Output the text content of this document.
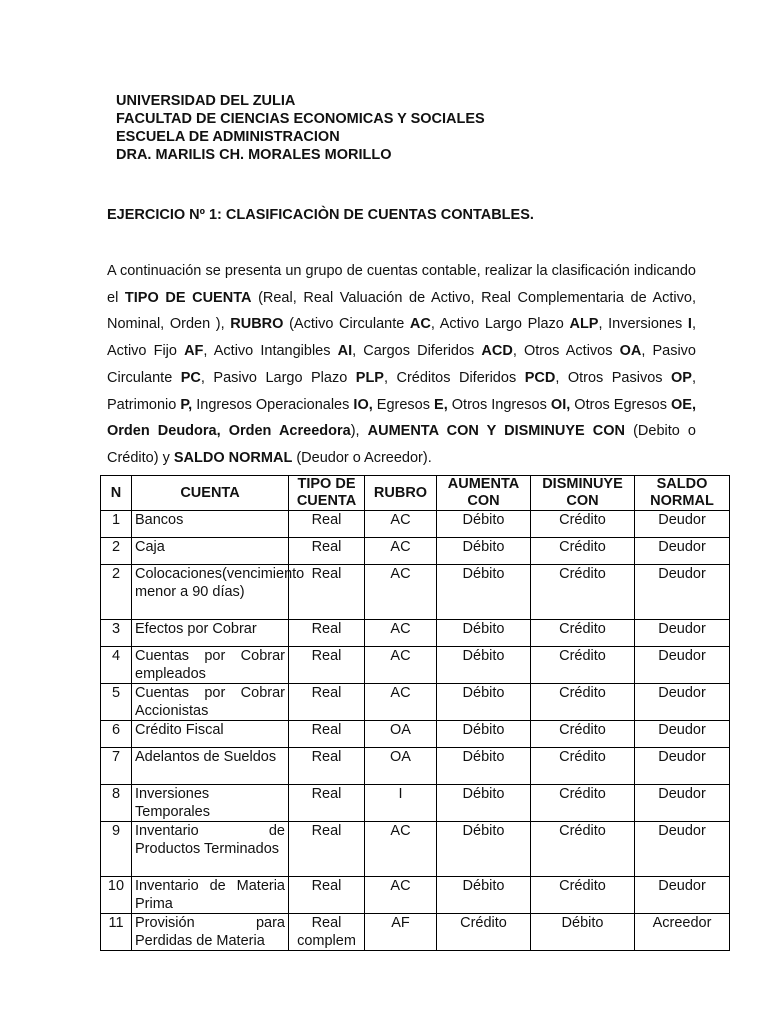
UNIVERSIDAD DEL ZULIA
FACULTAD DE CIENCIAS ECONOMICAS Y SOCIALES
ESCUELA DE ADMINISTRACION
DRA. MARILIS CH. MORALES MORILLO
EJERCICIO Nº 1: CLASIFICACIÒN DE CUENTAS CONTABLES.
A continuación se presenta un grupo de cuentas contable, realizar la clasificación indicando el TIPO DE CUENTA (Real, Real Valuación de Activo, Real Complementaria de Activo, Nominal, Orden ), RUBRO (Activo Circulante AC, Activo Largo Plazo ALP, Inversiones I, Activo Fijo AF, Activo Intangibles AI, Cargos Diferidos ACD, Otros Activos OA, Pasivo Circulante PC, Pasivo Largo Plazo PLP, Créditos Diferidos PCD, Otros Pasivos OP, Patrimonio P, Ingresos Operacionales IO, Egresos E, Otros Ingresos OI, Otros Egresos OE, Orden Deudora, Orden Acreedora), AUMENTA CON Y DISMINUYE CON (Debito o Crédito) y SALDO NORMAL (Deudor o Acreedor).
N	CUENTA	TIPO DE CUENTA	RUBRO	AUMENTA CON	DISMINUYE CON	SALDO NORMAL
1	Bancos	Real	AC	Débito	Crédito	Deudor
2	Caja	Real	AC	Débito	Crédito	Deudor
2	Colocaciones(vencimiento menor a 90 días)	Real	AC	Débito	Crédito	Deudor
3	Efectos por Cobrar	Real	AC	Débito	Crédito	Deudor
4	Cuentas por Cobrar empleados	Real	AC	Débito	Crédito	Deudor
5	Cuentas por Cobrar Accionistas	Real	AC	Débito	Crédito	Deudor
6	Crédito Fiscal	Real	OA	Débito	Crédito	Deudor
7	Adelantos de Sueldos	Real	OA	Débito	Crédito	Deudor
8	Inversiones Temporales	Real	I	Débito	Crédito	Deudor
9	Inventario de Productos Terminados	Real	AC	Débito	Crédito	Deudor
10	Inventario de Materia Prima	Real	AC	Débito	Crédito	Deudor
11	Provisión para Perdidas de Materia	Real complem	AF	Crédito	Débito	Acreedor
